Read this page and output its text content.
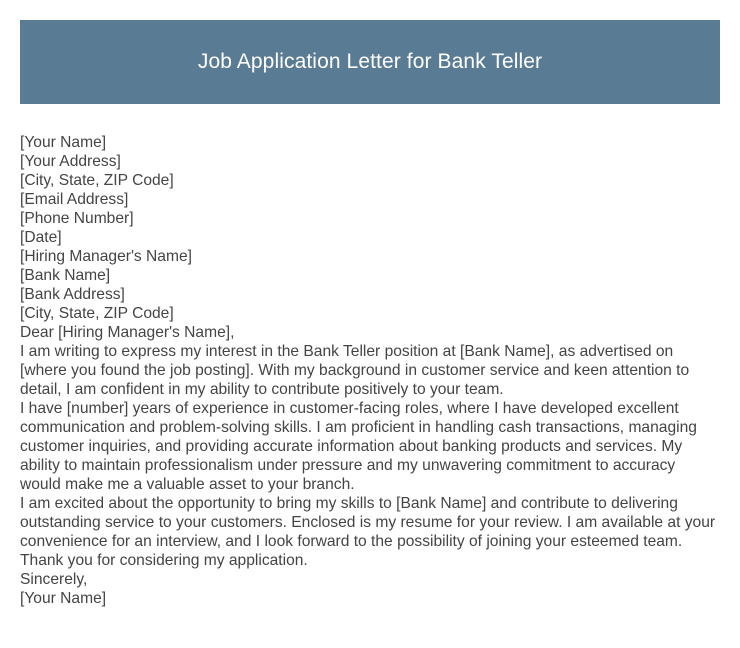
Job Application Letter for Bank Teller
[Your Name]
[Your Address]
[City, State, ZIP Code]
[Email Address]
[Phone Number]
[Date]
[Hiring Manager's Name]
[Bank Name]
[Bank Address]
[City, State, ZIP Code]
Dear [Hiring Manager's Name],
I am writing to express my interest in the Bank Teller position at [Bank Name], as advertised on [where you found the job posting]. With my background in customer service and keen attention to detail, I am confident in my ability to contribute positively to your team.
I have [number] years of experience in customer-facing roles, where I have developed excellent communication and problem-solving skills. I am proficient in handling cash transactions, managing customer inquiries, and providing accurate information about banking products and services. My ability to maintain professionalism under pressure and my unwavering commitment to accuracy would make me a valuable asset to your branch.
I am excited about the opportunity to bring my skills to [Bank Name] and contribute to delivering outstanding service to your customers. Enclosed is my resume for your review. I am available at your convenience for an interview, and I look forward to the possibility of joining your esteemed team.
Thank you for considering my application.
Sincerely,
[Your Name]
